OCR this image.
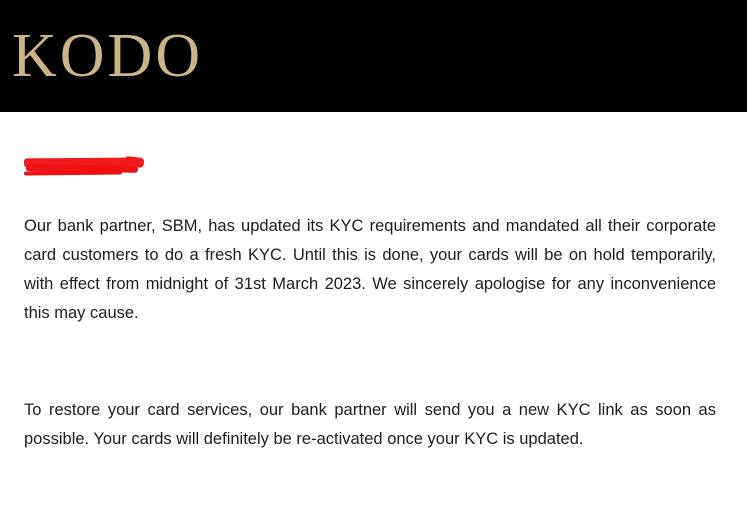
KODO

Our bank partner, SBM, has updated its KYC requirements and mandated all their corporate card customers to do a fresh KYC. Until this is done, your cards will be on hold temporarily, with effect from midnight of 31st March 2023. We sincerely apologise for any inconvenience this may cause.

To restore your card services, our bank partner will send you a new KYC link as soon as possible. Your cards will definitely be re-activated once your KYC is updated.
